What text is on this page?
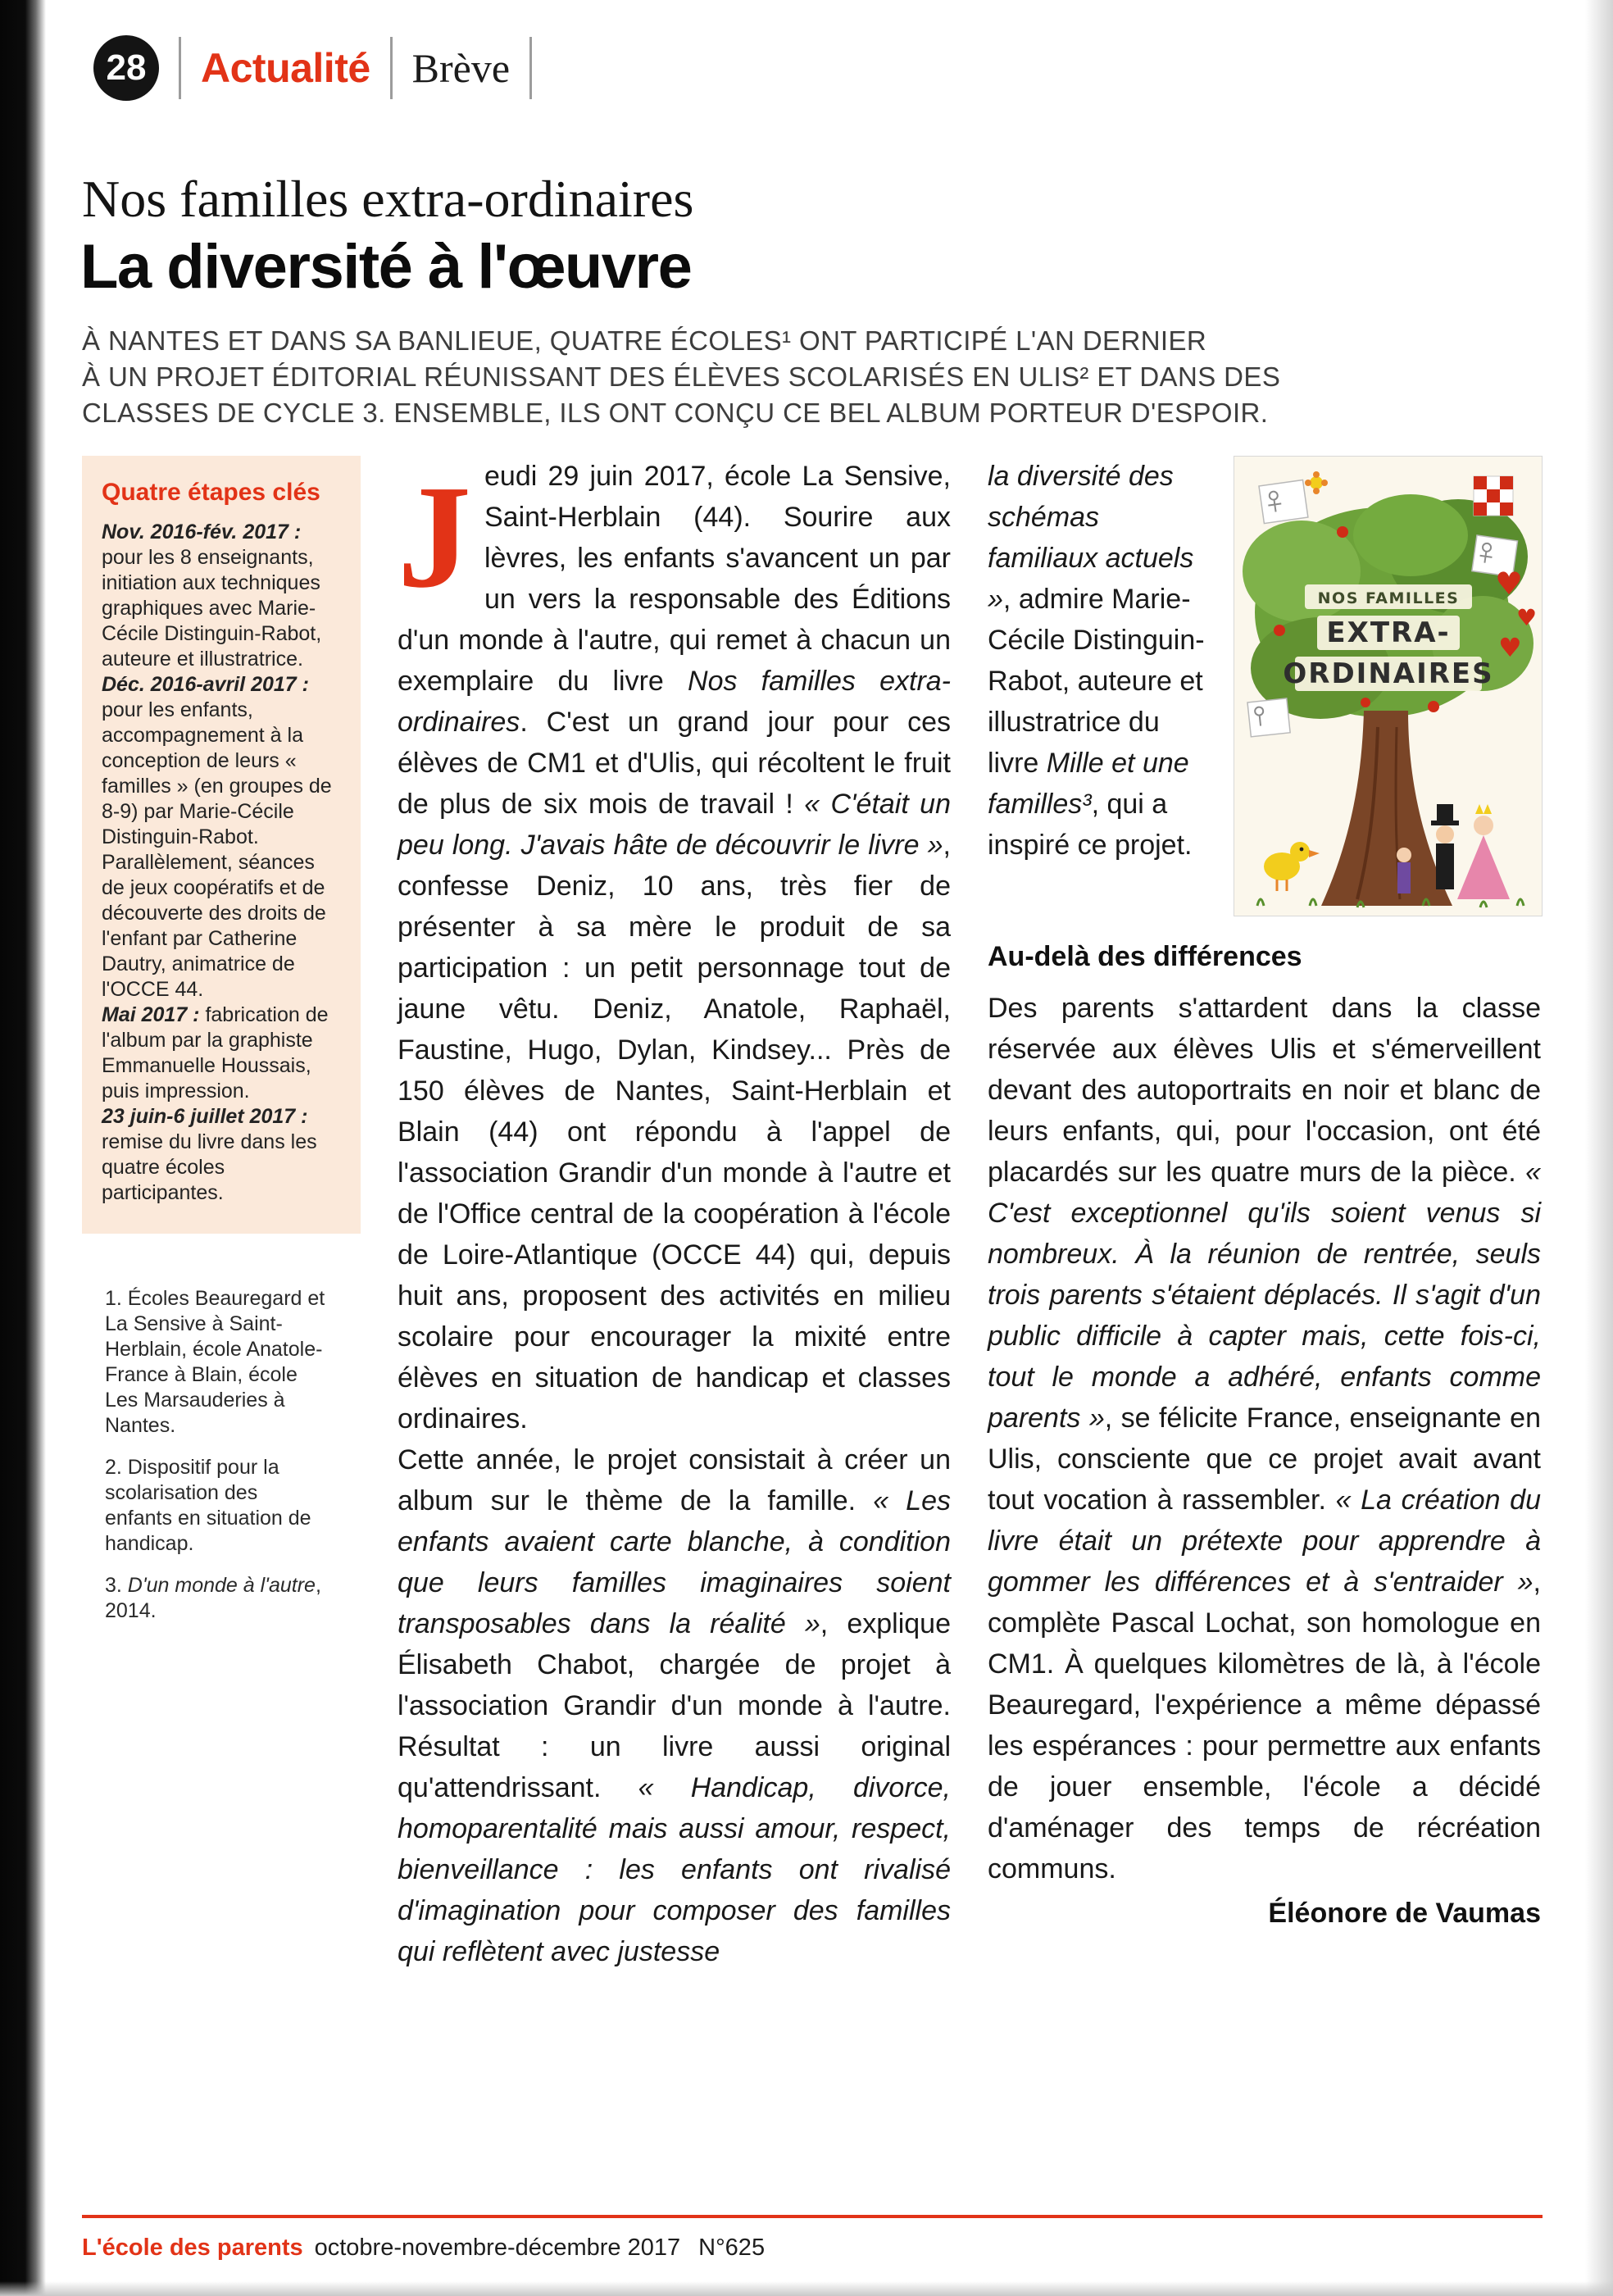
28	Actualité Brève
Nos familles extra-ordinaires
La diversité à l'œuvre
À NANTES ET DANS SA BANLIEUE, QUATRE ÉCOLES¹ ONT PARTICIPÉ L'AN DERNIER
À UN PROJET ÉDITORIAL RÉUNISSANT DES ÉLÈVES SCOLARISÉS EN ULIS² ET DANS DES
CLASSES DE CYCLE 3. ENSEMBLE, ILS ONT CONÇU CE BEL ALBUM PORTEUR D'ESPOIR.
Quatre étapes clés
Nov. 2016-fév. 2017 : pour les 8 enseignants, initiation aux techniques graphiques avec Marie-Cécile Distinguin-Rabot, auteure et illustratrice.
Déc. 2016-avril 2017 : pour les enfants, accompagnement à la conception de leurs « familles » (en groupes de 8-9) par Marie-Cécile Distinguin-Rabot. Parallèlement, séances de jeux coopératifs et de découverte des droits de l'enfant par Catherine Dautry, animatrice de l'OCCE 44.
Mai 2017 : fabrication de l'album par la graphiste Emmanuelle Houssais, puis impression.
23 juin-6 juillet 2017 : remise du livre dans les quatre écoles participantes.

1. Écoles Beauregard et La Sensive à Saint-Herblain, école Anatole-France à Blain, école Les Marsauderies à Nantes.

2. Dispositif pour la scolarisation des enfants en situation de handicap.

3. D'un monde à l'autre, 2014.

Jeudi 29 juin 2017, école La Sensive, Saint-Herblain (44). Sourire aux lèvres, les enfants s'avancent un par un vers la responsable des Éditions d'un monde à l'autre, qui remet à chacun un exemplaire du livre Nos familles extra-ordinaires. C'est un grand jour pour ces élèves de CM1 et d'Ulis, qui récoltent le fruit de plus de six mois de travail ! « C'était un peu long. J'avais hâte de découvrir le livre », confesse Deniz, 10 ans, très fier de présenter à sa mère le produit de sa participation : un petit personnage tout de jaune vêtu. Deniz, Anatole, Raphaël, Faustine, Hugo, Dylan, Kindsey... Près de 150 élèves de Nantes, Saint-Herblain et Blain (44) ont répondu à l'appel de l'association Grandir d'un monde à l'autre et de l'Office central de la coopération à l'école de Loire-Atlantique (OCCE 44) qui, depuis huit ans, proposent des activités en milieu scolaire pour encourager la mixité entre élèves en situation de handicap et classes ordinaires.
Cette année, le projet consistait à créer un album sur le thème de la famille. « Les enfants avaient carte blanche, à condition que leurs familles imaginaires soient transposables dans la réalité », explique Élisabeth Chabot, chargée de projet à l'association Grandir d'un monde à l'autre. Résultat : un livre aussi original qu'attendrissant. « Handicap, divorce, homoparentalité mais aussi amour, respect, bienveillance : les enfants ont rivalisé d'imagination pour composer des familles qui reflètent avec justesse
la diversité des schémas familiaux actuels », admire Marie-Cécile Distinguin-Rabot, auteure et illustratrice du livre Mille et une familles³, qui a inspiré ce projet.
♥
♥
♥
NOS FAMILLES
EXTRA-
ORDINAIRES
Au-delà des différences
Des parents s'attardent dans la classe réservée aux élèves Ulis et s'émerveillent devant des autoportraits en noir et blanc de leurs enfants, qui, pour l'occasion, ont été placardés sur les quatre murs de la pièce. « C'est exceptionnel qu'ils soient venus si nombreux. À la réunion de rentrée, seuls trois parents s'étaient déplacés. Il s'agit d'un public difficile à capter mais, cette fois-ci, tout le monde a adhéré, enfants comme parents », se félicite France, enseignante en Ulis, consciente que ce projet avait avant tout vocation à rassembler. « La création du livre était un prétexte pour apprendre à gommer les différences et à s'entraider », complète Pascal Lochat, son homologue en CM1. À quelques kilomètres de là, à l'école Beauregard, l'expérience a même dépassé les espérances : pour permettre aux enfants de jouer ensemble, l'école a décidé d'aménager des temps de récréation communs.
Éléonore de Vaumas
L'école des parents octobre-novembre-décembre 2017 N°625
